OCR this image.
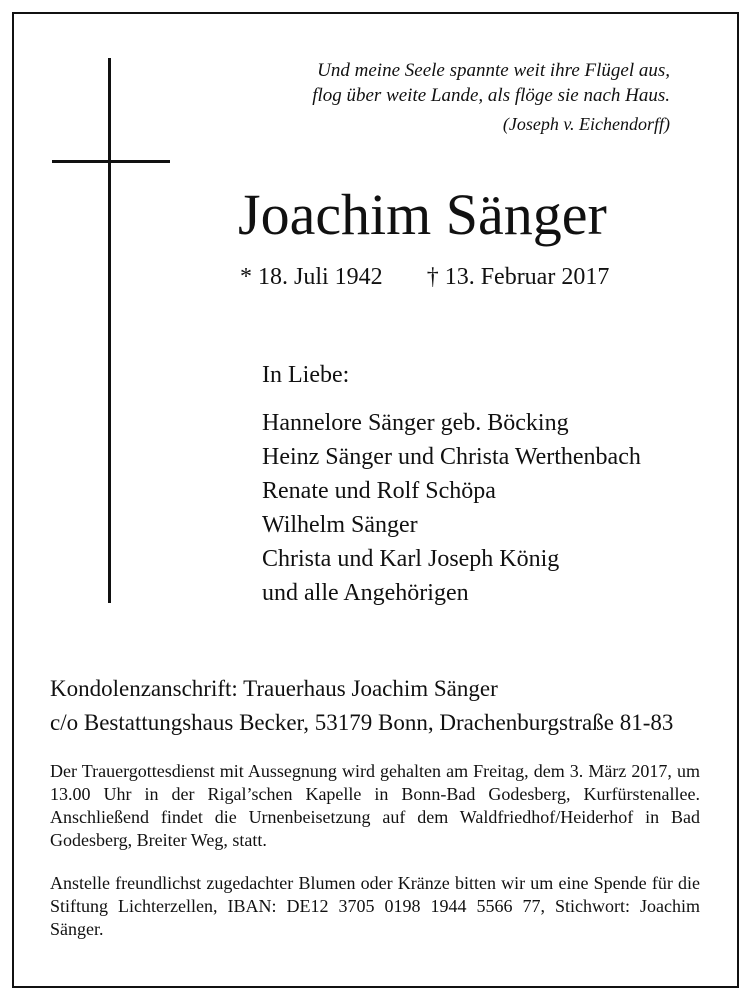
Und meine Seele spannte weit ihre Flügel aus,
flog über weite Lande, als flöge sie nach Haus.
(Joseph v. Eichendorff)
Joachim Sänger
* 18. Juli 1942 † 13. Februar 2017
In Liebe:
Hannelore Sänger geb. Böcking
Heinz Sänger und Christa Werthenbach
Renate und Rolf Schöpa
Wilhelm Sänger
Christa und Karl Joseph König
und alle Angehörigen
Kondolenzanschrift: Trauerhaus Joachim Sänger
c/o Bestattungshaus Becker, 53179 Bonn, Drachenburgstraße 81-83
Der Trauergottesdienst mit Aussegnung wird gehalten am Freitag, dem 3. März 2017, um 13.00 Uhr in der Rigal’schen Kapelle in Bonn-Bad Godesberg, Kurfürstenallee. Anschließend findet die Urnenbeisetzung auf dem Waldfriedhof/Heiderhof in Bad Godesberg, Breiter Weg, statt.
Anstelle freundlichst zugedachter Blumen oder Kränze bitten wir um eine Spende für die Stiftung Lichterzellen, IBAN: DE12 3705 0198 1944 5566 77, Stichwort: Joachim Sänger.
